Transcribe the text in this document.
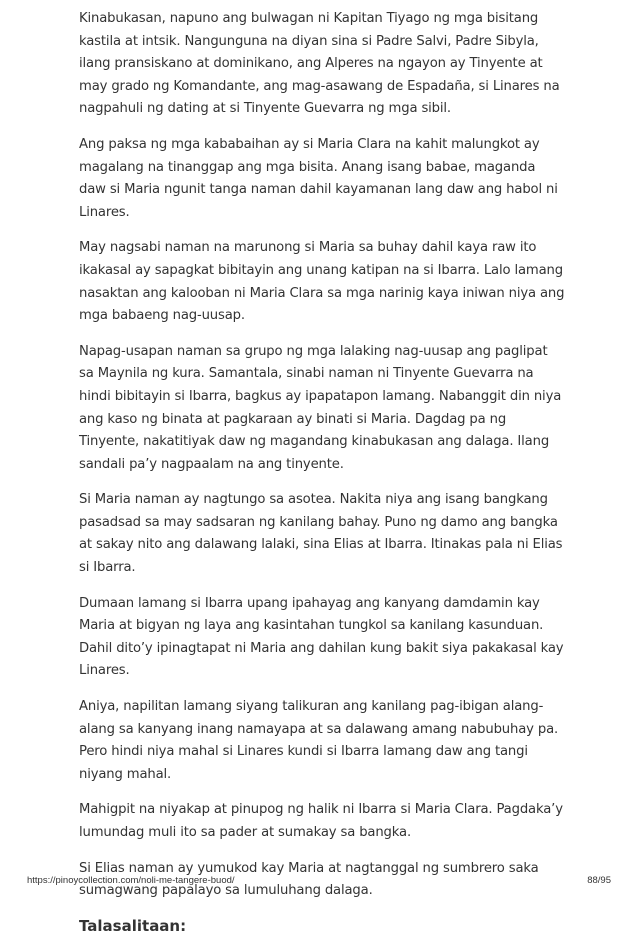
Kinabukasan, napuno ang bulwagan ni Kapitan Tiyago ng mga bisitang kastila at intsik. Nangunguna na diyan sina si Padre Salvi, Padre Sibyla, ilang pransiskano at dominikano, ang Alperes na ngayon ay Tinyente at may grado ng Komandante, ang mag-asawang de Espadaña, si Linares na nagpahuli ng dating at si Tinyente Guevarra ng mga sibil.

Ang paksa ng mga kababaihan ay si Maria Clara na kahit malungkot ay magalang na tinanggap ang mga bisita. Anang isang babae, maganda daw si Maria ngunit tanga naman dahil kayamanan lang daw ang habol ni Linares.

May nagsabi naman na marunong si Maria sa buhay dahil kaya raw ito ikakasal ay sapagkat bibitayin ang unang katipan na si Ibarra. Lalo lamang nasaktan ang kalooban ni Maria Clara sa mga narinig kaya iniwan niya ang mga babaeng nag-uusap.

Napag-usapan naman sa grupo ng mga lalaking nag-uusap ang paglipat sa Maynila ng kura. Samantala, sinabi naman ni Tinyente Guevarra na hindi bibitayin si Ibarra, bagkus ay ipapatapon lamang. Nabanggit din niya ang kaso ng binata at pagkaraan ay binati si Maria. Dagdag pa ng Tinyente, nakatitiyak daw ng magandang kinabukasan ang dalaga. Ilang sandali pa’y nagpaalam na ang tinyente.

Si Maria naman ay nagtungo sa asotea. Nakita niya ang isang bangkang pasadsad sa may sadsaran ng kanilang bahay. Puno ng damo ang bangka at sakay nito ang dalawang lalaki, sina Elias at Ibarra. Itinakas pala ni Elias si Ibarra.

Dumaan lamang si Ibarra upang ipahayag ang kanyang damdamin kay Maria at bigyan ng laya ang kasintahan tungkol sa kanilang kasunduan. Dahil dito’y ipinagtapat ni Maria ang dahilan kung bakit siya pakakasal kay Linares.

Aniya, napilitan lamang siyang talikuran ang kanilang pag-ibigan alang-alang sa kanyang inang namayapa at sa dalawang amang nabubuhay pa. Pero hindi niya mahal si Linares kundi si Ibarra lamang daw ang tangi niyang mahal.

Mahigpit na niyakap at pinupog ng halik ni Ibarra si Maria Clara. Pagdaka’y lumundag muli ito sa pader at sumakay sa bangka.

Si Elias naman ay yumukod kay Maria at nagtanggal ng sumbrero saka sumagwang papalayo sa lumuluhang dalaga.

Talasalitaan:
https://pinoycollection.com/noli-me-tangere-buod/	88/95
